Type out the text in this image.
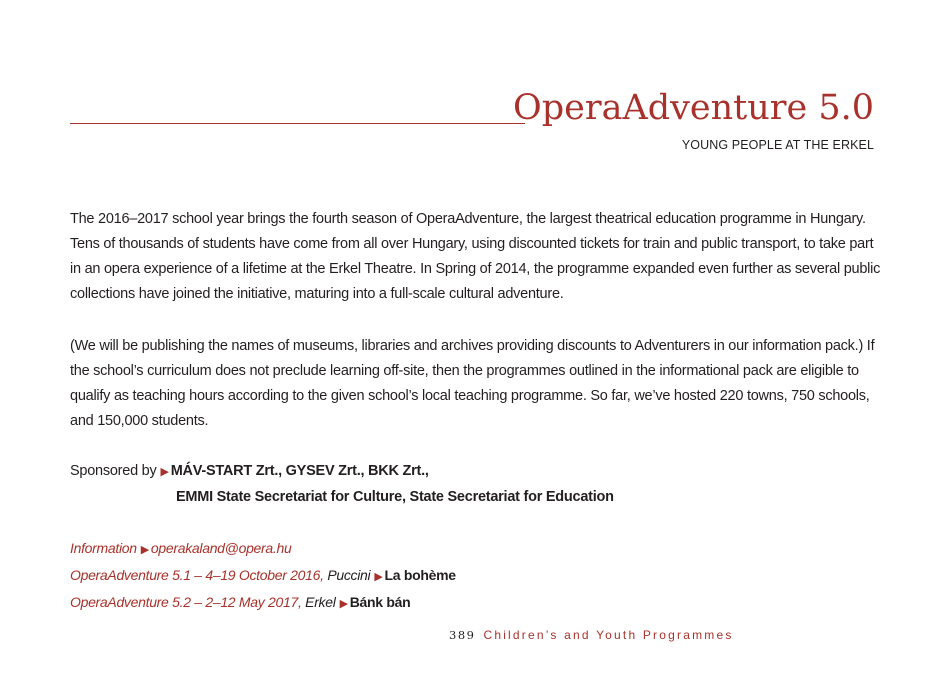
OperaAdventure 5.0
YOUNG PEOPLE AT THE ERKEL
The 2016–2017 school year brings the fourth season of OperaAdventure, the largest theatrical education programme in Hungary. Tens of thousands of students have come from all over Hungary, using discounted tickets for train and public transport, to take part in an opera experience of a lifetime at the Erkel Theatre. In Spring of 2014, the programme expanded even further as several public collections have joined the initiative, maturing into a full-scale cultural adventure.
(We will be publishing the names of museums, libraries and archives providing discounts to Adventurers in our information pack.) If the school’s curriculum does not preclude learning off-site, then the programmes outlined in the informational pack are eligible to qualify as teaching hours according to the given school’s local teaching programme. So far, we’ve hosted 220 towns, 750 schools, and 150,000 students.
Sponsored by ▶ MÁV-START Zrt., GYSEV Zrt., BKK Zrt.,
EMMI State Secretariat for Culture, State Secretariat for Education
Information ▶ operakaland@opera.hu
OperaAdventure 5.1 – 4–19 October 2016, Puccini ▶ La bohème
OperaAdventure 5.2 – 2–12 May 2017, Erkel ▶ Bánk bán
389 Children’s and Youth Programmes
